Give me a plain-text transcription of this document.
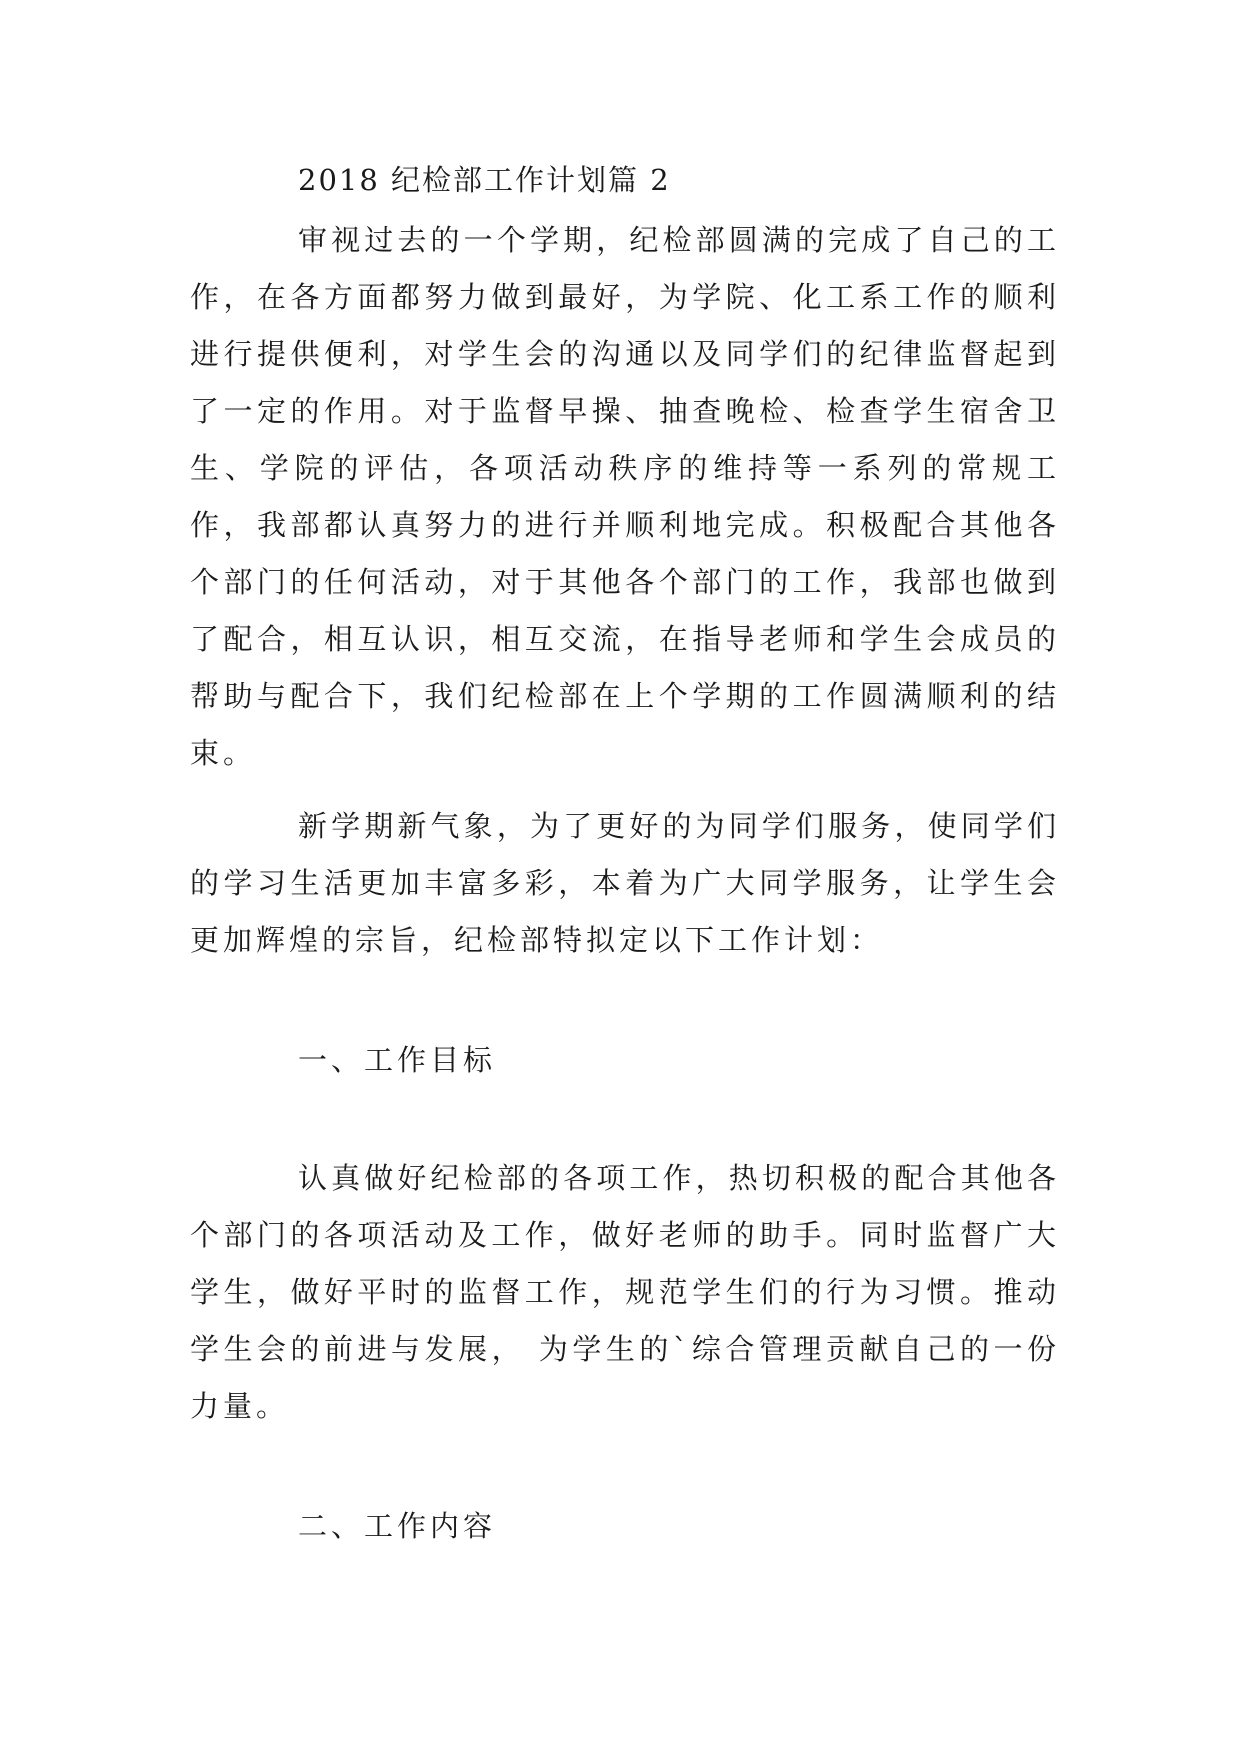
2018 纪检部工作计划篇 2

审视过去的一个学期，纪检部圆满的完成了自己的工作，在各方面都努力做到最好，为学院、化工系工作的顺利进行提供便利，对学生会的沟通以及同学们的纪律监督起到了一定的作用。对于监督早操、抽查晚检、检查学生宿舍卫生、学院的评估，各项活动秩序的维持等一系列的常规工作，我部都认真努力的进行并顺利地完成。积极配合其他各个部门的任何活动，对于其他各个部门的工作，我部也做到了配合，相互认识，相互交流，在指导老师和学生会成员的帮助与配合下，我们纪检部在上个学期的工作圆满顺利的结束。

新学期新气象，为了更好的为同学们服务，使同学们的学习生活更加丰富多彩，本着为广大同学服务，让学生会更加辉煌的宗旨，纪检部特拟定以下工作计划：

一、工作目标

认真做好纪检部的各项工作，热切积极的配合其他各个部门的各项活动及工作，做好老师的助手。同时监督广大学生，做好平时的监督工作，规范学生们的行为习惯。推动学生会的前进与发展， 为学生的`综合管理贡献自己的一份力量。

二、工作内容
